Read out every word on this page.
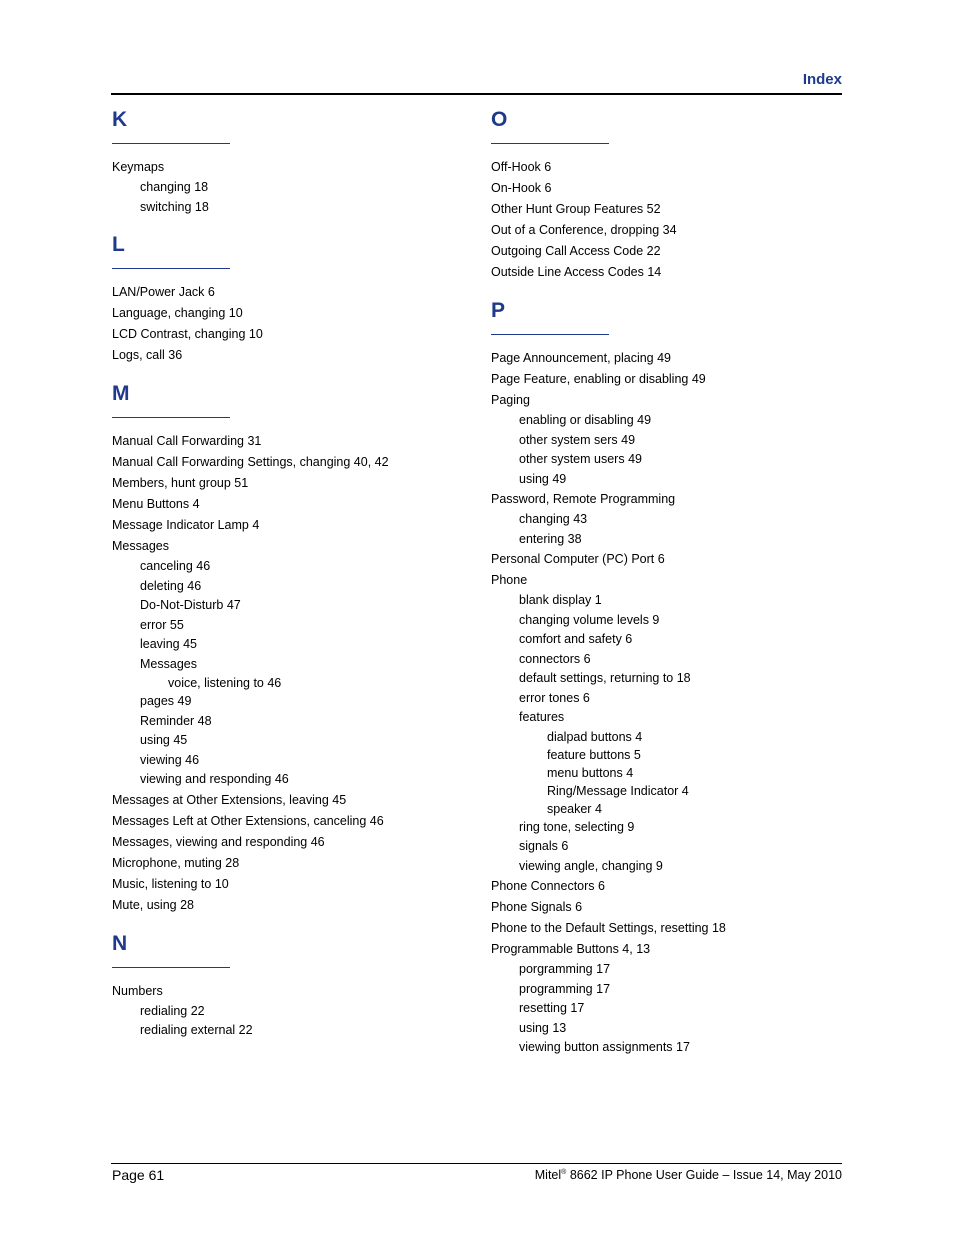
Index
K
Keymaps
changing 18
switching 18
L
LAN/Power Jack 6
Language, changing 10
LCD Contrast, changing 10
Logs, call 36
M
Manual Call Forwarding 31
Manual Call Forwarding Settings, changing 40, 42
Members, hunt group 51
Menu Buttons 4
Message Indicator Lamp 4
Messages
canceling 46
deleting 46
Do-Not-Disturb 47
error 55
leaving 45
Messages
voice, listening to 46
pages 49
Reminder 48
using 45
viewing 46
viewing and responding 46
Messages at Other Extensions, leaving 45
Messages Left at Other Extensions, canceling 46
Messages, viewing and responding 46
Microphone, muting 28
Music, listening to 10
Mute, using 28
N
Numbers
redialing 22
redialing external 22
O
Off-Hook 6
On-Hook 6
Other Hunt Group Features 52
Out of a Conference, dropping 34
Outgoing Call Access Code 22
Outside Line Access Codes 14
P
Page Announcement, placing 49
Page Feature, enabling or disabling 49
Paging
enabling or disabling 49
other system sers 49
other system users 49
using 49
Password, Remote Programming
changing 43
entering 38
Personal Computer (PC) Port 6
Phone
blank display 1
changing volume levels 9
comfort and safety 6
connectors 6
default settings, returning to 18
error tones 6
features
dialpad buttons 4
feature buttons 5
menu buttons 4
Ring/Message Indicator 4
speaker 4
ring tone, selecting 9
signals 6
viewing angle, changing 9
Phone Connectors 6
Phone Signals 6
Phone to the Default Settings, resetting 18
Programmable Buttons 4, 13
porgramming 17
programming 17
resetting 17
using 13
viewing button assignments 17
Page 61	Mitel® 8662 IP Phone User Guide – Issue 14, May 2010
